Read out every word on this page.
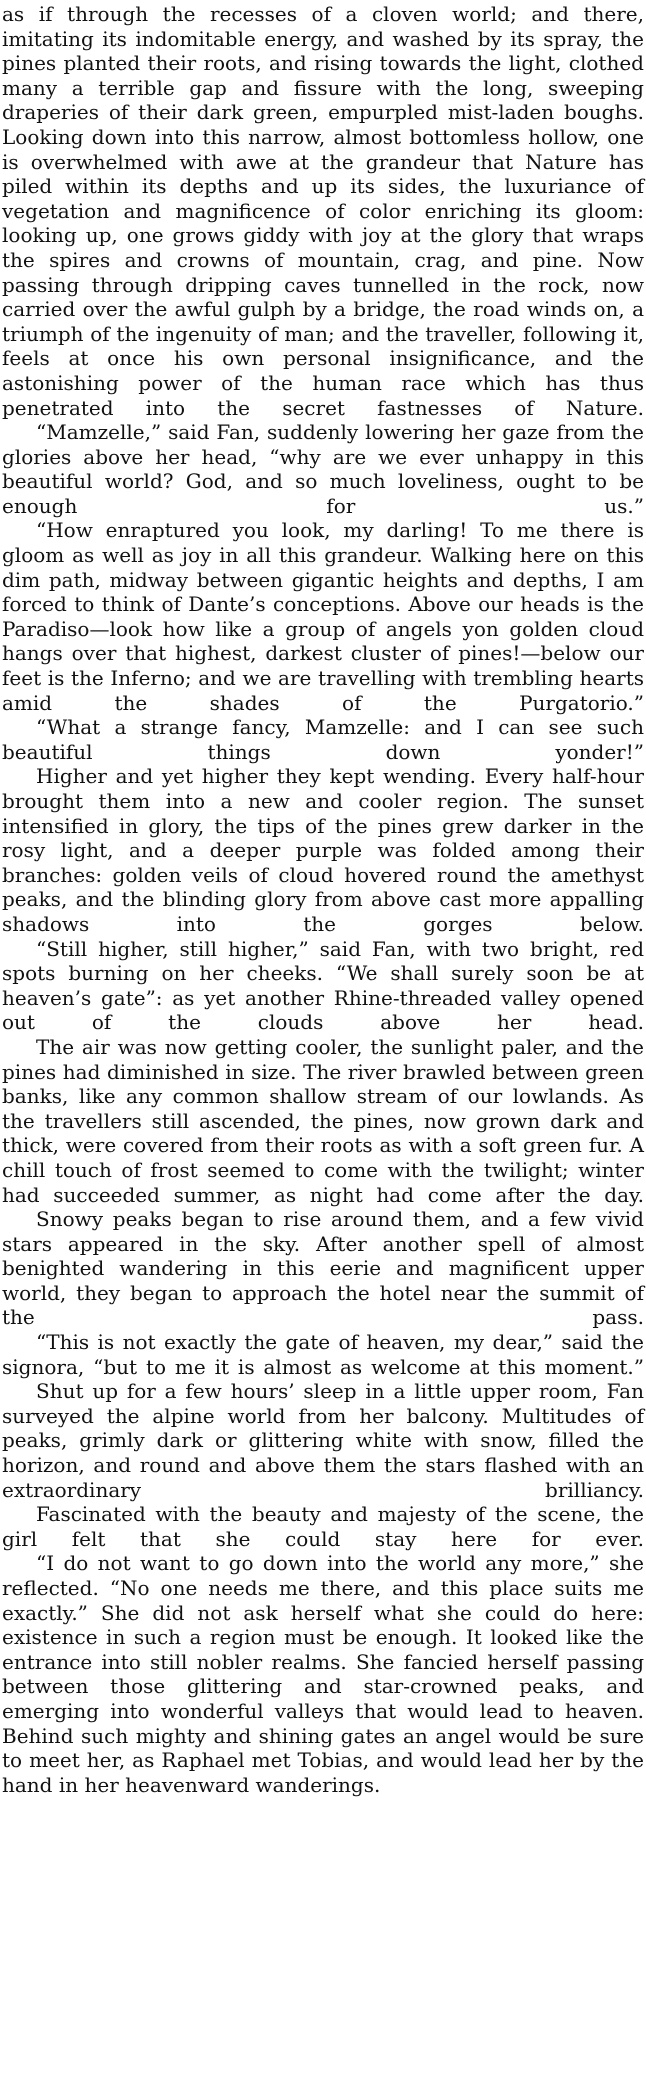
as if through the recesses of a cloven world; and there, imitating its indomitable energy, and washed by its spray, the pines planted their roots, and rising towards the light, clothed many a terrible gap and fissure with the long, sweeping draperies of their dark green, empurpled mist-laden boughs. Looking down into this narrow, almost bottomless hollow, one is overwhelmed with awe at the grandeur that Nature has piled within its depths and up its sides, the luxuriance of vegetation and magnificence of color enriching its gloom: looking up, one grows giddy with joy at the glory that wraps the spires and crowns of mountain, crag, and pine. Now passing through dripping caves tunnelled in the rock, now carried over the awful gulph by a bridge, the road winds on, a triumph of the ingenuity of man; and the traveller, following it, feels at once his own personal insignificance, and the astonishing power of the human race which has thus penetrated into the secret fastnesses of Nature.

“Mamzelle,” said Fan, suddenly lowering her gaze from the glories above her head, “why are we ever unhappy in this beautiful world? God, and so much loveliness, ought to be enough for us.”

“How enraptured you look, my darling! To me there is gloom as well as joy in all this grandeur. Walking here on this dim path, midway between gigantic heights and depths, I am forced to think of Dante’s conceptions. Above our heads is the Paradiso—look how like a group of angels yon golden cloud hangs over that highest, darkest cluster of pines!—below our feet is the Inferno; and we are travelling with trembling hearts amid the shades of the Purgatorio.”

“What a strange fancy, Mamzelle: and I can see such beautiful things down yonder!”

Higher and yet higher they kept wending. Every half-hour brought them into a new and cooler region. The sunset intensified in glory, the tips of the pines grew darker in the rosy light, and a deeper purple was folded among their branches: golden veils of cloud hovered round the amethyst peaks, and the blinding glory from above cast more appalling shadows into the gorges below.

“Still higher, still higher,” said Fan, with two bright, red spots burning on her cheeks. “We shall surely soon be at heaven’s gate”: as yet another Rhine-threaded valley opened out of the clouds above her head.

The air was now getting cooler, the sunlight paler, and the pines had diminished in size. The river brawled between green banks, like any common shallow stream of our lowlands. As the travellers still ascended, the pines, now grown dark and thick, were covered from their roots as with a soft green fur. A chill touch of frost seemed to come with the twilight; winter had succeeded summer, as night had come after the day.

Snowy peaks began to rise around them, and a few vivid stars appeared in the sky. After another spell of almost benighted wandering in this eerie and magnificent upper world, they began to approach the hotel near the summit of the pass.

“This is not exactly the gate of heaven, my dear,” said the signora, “but to me it is almost as welcome at this moment.”

Shut up for a few hours’ sleep in a little upper room, Fan surveyed the alpine world from her balcony. Multitudes of peaks, grimly dark or glittering white with snow, filled the horizon, and round and above them the stars flashed with an extraordinary brilliancy.

Fascinated with the beauty and majesty of the scene, the girl felt that she could stay here for ever.

“I do not want to go down into the world any more,” she reflected. “No one needs me there, and this place suits me exactly.” She did not ask herself what she could do here: existence in such a region must be enough. It looked like the entrance into still nobler realms. She fancied herself passing between those glittering and star-crowned peaks, and emerging into wonderful valleys that would lead to heaven. Behind such mighty and shining gates an angel would be sure to meet her, as Raphael met Tobias, and would lead her by the hand in her heavenward wanderings.
